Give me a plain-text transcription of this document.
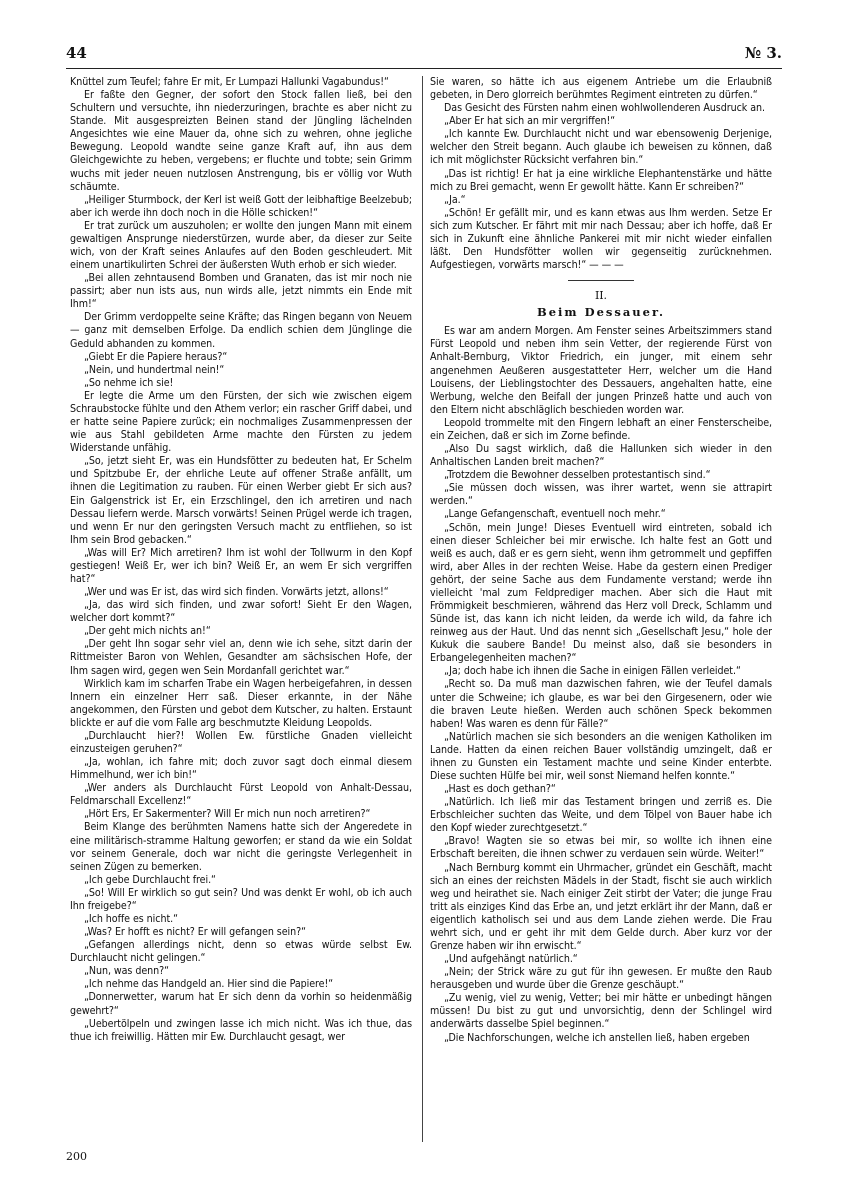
44	№ 3.

Knüttel zum Teufel; fahre Er mit, Er Lumpazi Hallunki Vagabundus!“

Er faßte den Gegner, der sofort den Stock fallen ließ, bei den Schultern und versuchte, ihn niederzuringen, brachte es aber nicht zu Stande. Mit ausgespreizten Beinen stand der Jüngling lächelnden Angesichtes wie eine Mauer da, ohne sich zu wehren, ohne jegliche Bewegung. Leopold wandte seine ganze Kraft auf, ihn aus dem Gleichgewichte zu heben, vergebens; er fluchte und tobte; sein Grimm wuchs mit jeder neuen nutzlosen Anstrengung, bis er völlig vor Wuth schäumte.

„Heiliger Sturmbock, der Kerl ist weiß Gott der leibhaftige Beelzebub; aber ich werde ihn doch noch in die Hölle schicken!“

Er trat zurück um auszuholen; er wollte den jungen Mann mit einem gewaltigen Ansprunge niederstürzen, wurde aber, da dieser zur Seite wich, von der Kraft seines Anlaufes auf den Boden geschleudert. Mit einem unartikulirten Schrei der äußersten Wuth erhob er sich wieder.

„Bei allen zehntausend Bomben und Granaten, das ist mir noch nie passirt; aber nun ists aus, nun wirds alle, jetzt nimmts ein Ende mit Ihm!“

Der Grimm verdoppelte seine Kräfte; das Ringen begann von Neuem — ganz mit demselben Erfolge. Da endlich schien dem Jünglinge die Geduld abhanden zu kommen.

„Giebt Er die Papiere heraus?“

„Nein, und hundertmal nein!“

„So nehme ich sie!

Er legte die Arme um den Fürsten, der sich wie zwischen eigem Schraubstocke fühlte und den Athem verlor; ein rascher Griff dabei, und er hatte seine Papiere zurück; ein nochmaliges Zusammenpressen der wie aus Stahl gebildeten Arme machte den Fürsten zu jedem Widerstande unfähig.

„So, jetzt sieht Er, was ein Hundsfötter zu bedeuten hat, Er Schelm und Spitzbube Er, der ehrliche Leute auf offener Straße anfällt, um ihnen die Legitimation zu rauben. Für einen Werber giebt Er sich aus? Ein Galgenstrick ist Er, ein Erzschlingel, den ich arretiren und nach Dessau liefern werde. Marsch vorwärts! Seinen Prügel werde ich tragen, und wenn Er nur den geringsten Versuch macht zu entfliehen, so ist Ihm sein Brod gebacken.“

„Was will Er? Mich arretiren? Ihm ist wohl der Tollwurm in den Kopf gestiegen! Weiß Er, wer ich bin? Weiß Er, an wem Er sich vergriffen hat?“

„Wer und was Er ist, das wird sich finden. Vorwärts jetzt, allons!“

„Ja, das wird sich finden, und zwar sofort! Sieht Er den Wagen, welcher dort kommt?“

„Der geht mich nichts an!“

„Der geht Ihn sogar sehr viel an, denn wie ich sehe, sitzt darin der Rittmeister Baron von Wehlen, Gesandter am sächsischen Hofe, der Ihm sagen wird, gegen wen Sein Mordanfall gerichtet war.“

Wirklich kam im scharfen Trabe ein Wagen herbeigefahren, in dessen Innern ein einzelner Herr saß. Dieser erkannte, in der Nähe angekommen, den Fürsten und gebot dem Kutscher, zu halten. Erstaunt blickte er auf die vom Falle arg beschmutzte Kleidung Leopolds.

„Durchlaucht hier?! Wollen Ew. fürstliche Gnaden vielleicht einzusteigen geruhen?“

„Ja, wohlan, ich fahre mit; doch zuvor sagt doch einmal diesem Himmelhund, wer ich bin!“

„Wer anders als Durchlaucht Fürst Leopold von Anhalt-Dessau, Feldmarschall Excellenz!“

„Hört Ers, Er Sakermenter? Will Er mich nun noch arretiren?“

Beim Klange des berühmten Namens hatte sich der Angeredete in eine militärisch-stramme Haltung geworfen; er stand da wie ein Soldat vor seinem Generale, doch war nicht die geringste Verlegenheit in seinen Zügen zu bemerken.

„Ich gebe Durchlaucht frei.“

„So! Will Er wirklich so gut sein? Und was denkt Er wohl, ob ich auch Ihn freigebe?“

„Ich hoffe es nicht.“

„Was? Er hofft es nicht? Er will gefangen sein?“

„Gefangen allerdings nicht, denn so etwas würde selbst Ew. Durchlaucht nicht gelingen.“

„Nun, was denn?“

„Ich nehme das Handgeld an. Hier sind die Papiere!“

„Donnerwetter, warum hat Er sich denn da vorhin so heidenmäßig gewehrt?“

„Uebertölpeln und zwingen lasse ich mich nicht. Was ich thue, das thue ich freiwillig. Hätten mir Ew. Durchlaucht gesagt, wer

Sie waren, so hätte ich aus eigenem Antriebe um die Erlaubniß gebeten, in Dero glorreich berühmtes Regiment eintreten zu dürfen.“

Das Gesicht des Fürsten nahm einen wohlwollenderen Ausdruck an.

„Aber Er hat sich an mir vergriffen!“

„Ich kannte Ew. Durchlaucht nicht und war ebensowenig Derjenige, welcher den Streit begann. Auch glaube ich beweisen zu können, daß ich mit möglichster Rücksicht verfahren bin.“

„Das ist richtig! Er hat ja eine wirkliche Elephantenstärke und hätte mich zu Brei gemacht, wenn Er gewollt hätte. Kann Er schreiben?“

„Ja.“

„Schön! Er gefällt mir, und es kann etwas aus Ihm werden. Setze Er sich zum Kutscher. Er fährt mit mir nach Dessau; aber ich hoffe, daß Er sich in Zukunft eine ähnliche Pankerei mit mir nicht wieder einfallen läßt. Den Hundsfötter wollen wir gegenseitig zurücknehmen. Aufgestiegen, vorwärts marsch!“ — — —

II.

Beim Dessauer.

Es war am andern Morgen. Am Fenster seines Arbeitszimmers stand Fürst Leopold und neben ihm sein Vetter, der regierende Fürst von Anhalt-Bernburg, Viktor Friedrich, ein junger, mit einem sehr angenehmen Aeußeren ausgestatteter Herr, welcher um die Hand Louisens, der Lieblingstochter des Dessauers, angehalten hatte, eine Werbung, welche den Beifall der jungen Prinzeß hatte und auch von den Eltern nicht abschläglich beschieden worden war.

Leopold trommelte mit den Fingern lebhaft an einer Fensterscheibe, ein Zeichen, daß er sich im Zorne befinde.

„Also Du sagst wirklich, daß die Hallunken sich wieder in den Anhaltischen Landen breit machen?“

„Trotzdem die Bewohner desselben protestantisch sind.“

„Sie müssen doch wissen, was ihrer wartet, wenn sie attrapirt werden.“

„Lange Gefangenschaft, eventuell noch mehr.“

„Schön, mein Junge! Dieses Eventuell wird eintreten, sobald ich einen dieser Schleicher bei mir erwische. Ich halte fest an Gott und weiß es auch, daß er es gern sieht, wenn ihm getrommelt und gepfiffen wird, aber Alles in der rechten Weise. Habe da gestern einen Prediger gehört, der seine Sache aus dem Fundamente verstand; werde ihn vielleicht 'mal zum Feldprediger machen. Aber sich die Haut mit Frömmigkeit beschmieren, während das Herz voll Dreck, Schlamm und Sünde ist, das kann ich nicht leiden, da werde ich wild, da fahre ich reinweg aus der Haut. Und das nennt sich „Gesellschaft Jesu,“ hole der Kukuk die saubere Bande! Du meinst also, daß sie besonders in Erbangelegenheiten machen?“

„Ja; doch habe ich ihnen die Sache in einigen Fällen verleidet.“

„Recht so. Da muß man dazwischen fahren, wie der Teufel damals unter die Schweine; ich glaube, es war bei den Girgesenern, oder wie die braven Leute hießen. Werden auch schönen Speck bekommen haben! Was waren es denn für Fälle?“

„Natürlich machen sie sich besonders an die wenigen Katholiken im Lande. Hatten da einen reichen Bauer vollständig umzingelt, daß er ihnen zu Gunsten ein Testament machte und seine Kinder enterbte. Diese suchten Hülfe bei mir, weil sonst Niemand helfen konnte.“

„Hast es doch gethan?“

„Natürlich. Ich ließ mir das Testament bringen und zerriß es. Die Erbschleicher suchten das Weite, und dem Tölpel von Bauer habe ich den Kopf wieder zurechtgesetzt.“

„Bravo! Wagten sie so etwas bei mir, so wollte ich ihnen eine Erbschaft bereiten, die ihnen schwer zu verdauen sein würde. Weiter!“

„Nach Bernburg kommt ein Uhrmacher, gründet ein Geschäft, macht sich an eines der reichsten Mädels in der Stadt, fischt sie auch wirklich weg und heirathet sie. Nach einiger Zeit stirbt der Vater; die junge Frau tritt als einziges Kind das Erbe an, und jetzt erklärt ihr der Mann, daß er eigentlich katholisch sei und aus dem Lande ziehen werde. Die Frau wehrt sich, und er geht ihr mit dem Gelde durch. Aber kurz vor der Grenze haben wir ihn erwischt.“

„Und aufgehängt natürlich.“

„Nein; der Strick wäre zu gut für ihn gewesen. Er mußte den Raub herausgeben und wurde über die Grenze geschäupt.“

„Zu wenig, viel zu wenig, Vetter; bei mir hätte er unbedingt hängen müssen! Du bist zu gut und unvorsichtig, denn der Schlingel wird anderwärts dasselbe Spiel beginnen.“

„Die Nachforschungen, welche ich anstellen ließ, haben ergeben

200
